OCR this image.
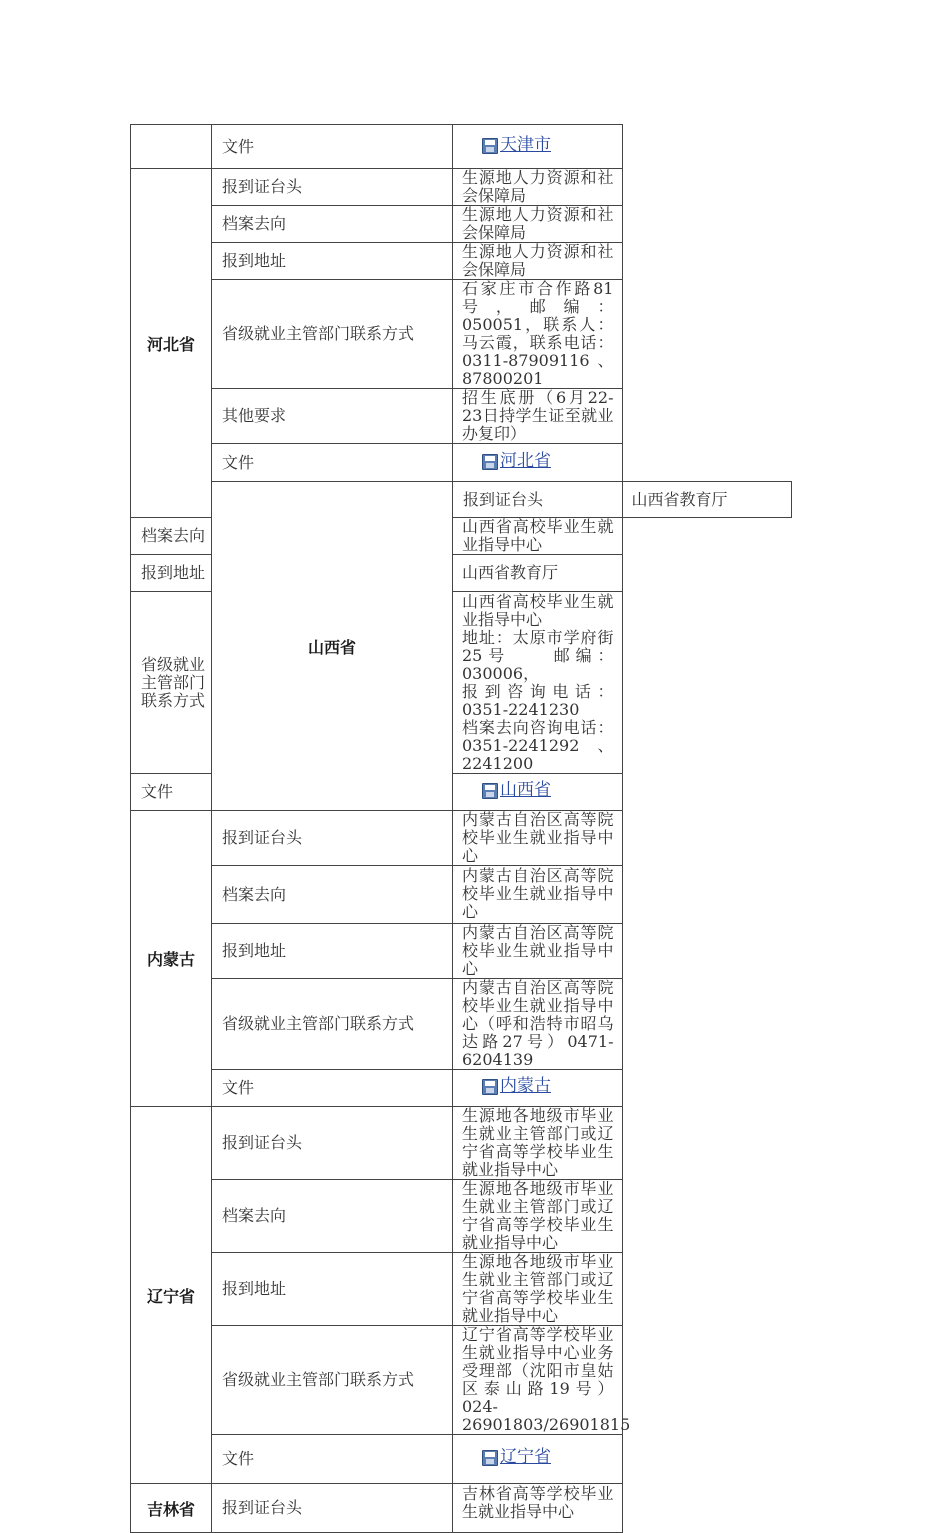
	文件	天津市	

河北省	报到证台头	生源地人力资源和社会保障局	
	档案去向	生源地人力资源和社会保障局	
	报到地址	生源地人力资源和社会保障局	
	省级就业主管部门联系方式	石家庄市合作路81号，邮编：050051，联系人：马云霞，联系电话：0311-87909116、87800201	
	其他要求	招生底册（6月22-23日持学生证至就业办复印）	
	文件	河北省	

	山西省	报到证台头	山西省教育厅
档案去向		山西省高校毕业生就业指导中心	
报到地址		山西省教育厅	
省级就业主管部门联系方式		山西省高校毕业生就业指导中心
地址：太原市学府街25号　　邮编：030006，
报到咨询电话：0351-2241230
档案去向咨询电话：0351-2241292、2241200	

文件		山西省	

内蒙古	报到证台头	内蒙古自治区高等院校毕业生就业指导中心	
	档案去向	内蒙古自治区高等院校毕业生就业指导中心	
	报到地址	内蒙古自治区高等院校毕业生就业指导中心	
	省级就业主管部门联系方式	内蒙古自治区高等院校毕业生就业指导中心（呼和浩特市昭乌达路27号）0471-6204139	
	文件	内蒙古	

辽宁省	报到证台头	生源地各地级市毕业生就业主管部门或辽宁省高等学校毕业生就业指导中心	
	档案去向	生源地各地级市毕业生就业主管部门或辽宁省高等学校毕业生就业指导中心	
	报到地址	生源地各地级市毕业生就业主管部门或辽宁省高等学校毕业生就业指导中心	
	省级就业主管部门联系方式	辽宁省高等学校毕业生就业指导中心业务受理部（沈阳市皇姑区泰山路19号）024-26901803/26901815	
	文件	辽宁省	

吉林省	报到证台头	吉林省高等学校毕业生就业指导中心	
